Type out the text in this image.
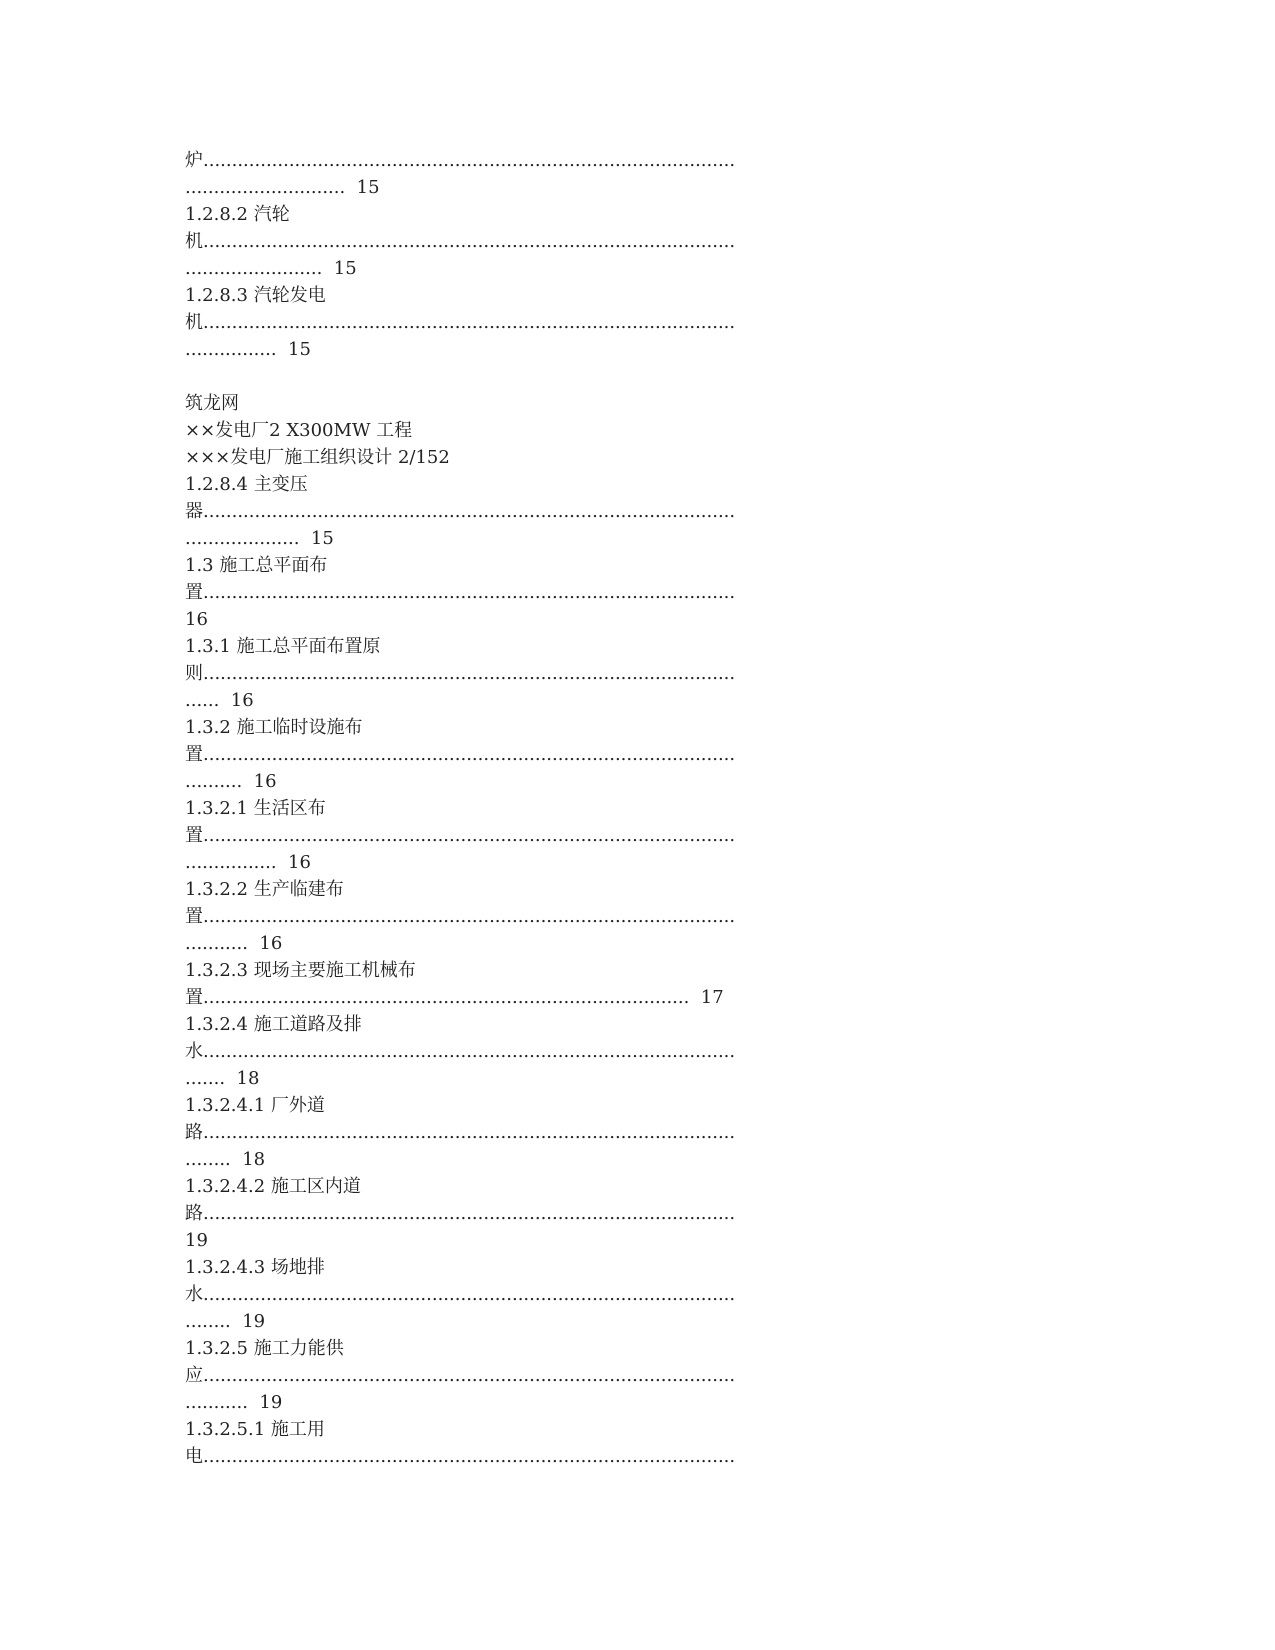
炉.............................................................................................
............................  15
1.2.8.2 汽轮
机.............................................................................................
........................  15
1.2.8.3 汽轮发电
机.............................................................................................
................  15
筑龙网
××发电厂2 X300MW 工程
×××发电厂施工组织设计 2/152
1.2.8.4 主变压
器.............................................................................................
....................  15
1.3 施工总平面布
置.............................................................................................
16
1.3.1 施工总平面布置原
则.............................................................................................
......  16
1.3.2 施工临时设施布
置.............................................................................................
..........  16
1.3.2.1 生活区布
置.............................................................................................
................  16
1.3.2.2 生产临建布
置.............................................................................................
...........  16
1.3.2.3 现场主要施工机械布
置.....................................................................................  17
1.3.2.4 施工道路及排
水.............................................................................................
.......  18
1.3.2.4.1 厂外道
路.............................................................................................
........  18
1.3.2.4.2 施工区内道
路.............................................................................................
19
1.3.2.4.3 场地排
水.............................................................................................
........  19
1.3.2.5 施工力能供
应.............................................................................................
...........  19
1.3.2.5.1 施工用
电.............................................................................................
